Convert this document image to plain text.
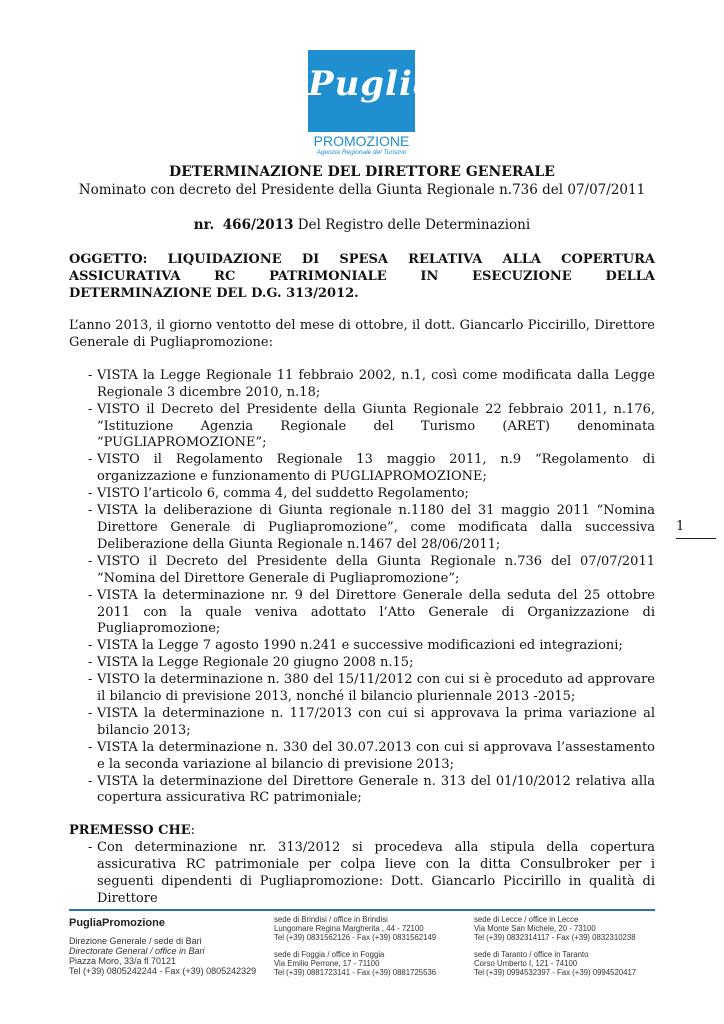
Puglia
PROMOZIONE
Agenzia Regionale del Turismo
1
DETERMINAZIONE DEL DIRETTORE GENERALE
Nominato con decreto del Presidente della Giunta Regionale n.736 del 07/07/2011
nr. 466/2013 Del Registro delle Determinazioni
OGGETTO: LIQUIDAZIONE DI SPESA RELATIVA ALLA COPERTURA ASSICURATIVA RC PATRIMONIALE IN ESECUZIONE DELLA DETERMINAZIONE DEL D.G. 313/2012.
L’anno 2013, il giorno ventotto del mese di ottobre, il dott. Giancarlo Piccirillo, Direttore Generale di Pugliapromozione:
- VISTA la Legge Regionale 11 febbraio 2002, n.1, così come modificata dalla Legge Regionale 3 dicembre 2010, n.18;
- VISTO il Decreto del Presidente della Giunta Regionale 22 febbraio 2011, n.176, “Istituzione Agenzia Regionale del Turismo (ARET) denominata “PUGLIAPROMOZIONE”;
- VISTO il Regolamento Regionale 13 maggio 2011, n.9 “Regolamento di organizzazione e funzionamento di PUGLIAPROMOZIONE;
- VISTO l’articolo 6, comma 4, del suddetto Regolamento;
- VISTA la deliberazione di Giunta regionale n.1180 del 31 maggio 2011 “Nomina Direttore Generale di Pugliapromozione”, come modificata dalla successiva Deliberazione della Giunta Regionale n.1467 del 28/06/2011;
- VISTO il Decreto del Presidente della Giunta Regionale n.736 del 07/07/2011 “Nomina del Direttore Generale di Pugliapromozione”;
- VISTA la determinazione nr. 9 del Direttore Generale della seduta del 25 ottobre 2011 con la quale veniva adottato l’Atto Generale di Organizzazione di Pugliapromozione;
- VISTA la Legge 7 agosto 1990 n.241 e successive modificazioni ed integrazioni;
- VISTA la Legge Regionale 20 giugno 2008 n.15;
- VISTO la determinazione n. 380 del 15/11/2012 con cui si è proceduto ad approvare il bilancio di previsione 2013, nonché il bilancio pluriennale 2013 -2015;
- VISTA la determinazione n. 117/2013 con cui si approvava la prima variazione al bilancio 2013;
- VISTA la determinazione n. 330 del 30.07.2013 con cui si approvava l’assestamento e la seconda variazione al bilancio di previsione 2013;
- VISTA la determinazione del Direttore Generale n. 313 del 01/10/2012 relativa alla copertura assicurativa RC patrimoniale;
PREMESSO CHE:
- Con determinazione nr. 313/2012 si procedeva alla stipula della copertura assicurativa RC patrimoniale per colpa lieve con la ditta Consulbroker per i seguenti dipendenti di Pugliapromozione: Dott. Giancarlo Piccirillo in qualità di Direttore
PugliaPromozione
Direzione Generale / sede di Bari
Directorate General / office in Bari
Piazza Moro, 33/a fl 70121
Tel (+39) 0805242244 - Fax (+39) 0805242329
sede di Brindisi / office in Brindisi
Lungomare Regina Margherita , 44 - 72100
Tel (+39) 0831562126 - Fax (+39) 0831562149
sede di Lecce / office in Lecce
Via Monte San Michele, 20 - 73100
Tel (+39) 0832314117 - Fax (+39) 0832310238
sede di Foggia / office in Foggia
Via Emilio Perrone, 17 - 71100
Tel (+39) 0881723141 - Fax (+39) 0881725536
sede di Taranto / office in Taranto
Corso Umberto I, 121 - 74100
Tel (+39) 0994532397 - Fax (+39) 0994520417
